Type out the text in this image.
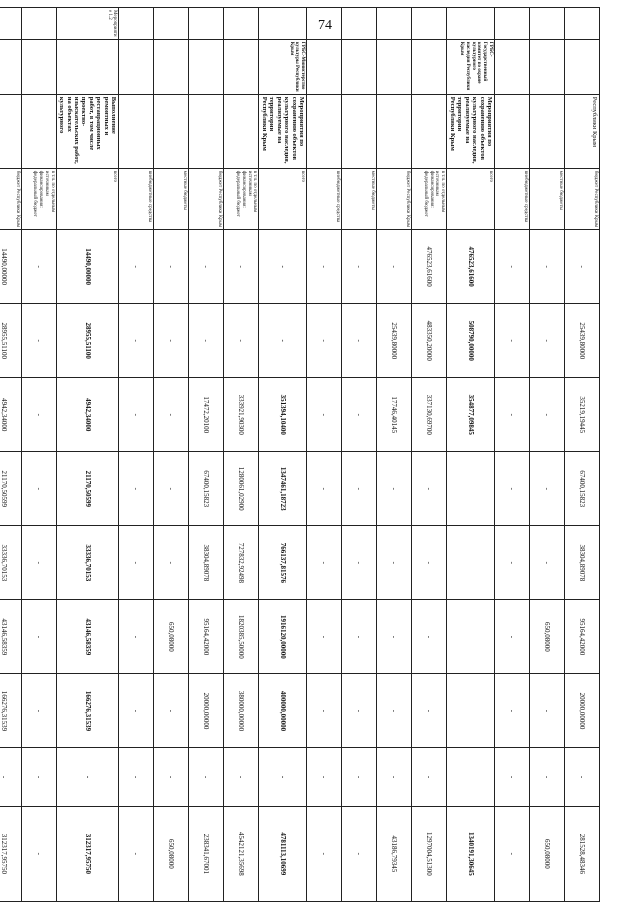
74
		Республики Крым	бюджет Республики Крым	-	25439,80000	35219,19445	67400,15823	38304,89078	95164,42000	20000,00000	-	281528,48346
			местные бюджеты	-	-	-	-	-	650,08000	-	-	650,08000
			внебюджетные средства	-	-	-	-	-	-	-	-	-
	ГРБС-Государственный комитет по охране культурного наследия Республики Крым	Мероприятия по сохранению объектов культурного наследия, реализуемые на территории Республики Крым	всего	476523,61600	508790,00000	354877,09845						1340191,30645
			в т.ч. по отдельным источникам финансирования: федеральный бюджет	476523,61600	483350,20000	337130,69700	-	-	-	-	-	1297004,51300
			бюджет Республики Крым	-	25439,80000	17746,40145	-	-	-	-	-	43186,79345
			местные бюджеты	-	-	-	-	-	-	-	-	-
			внебюджетные средства	-	-	-	-	-	-	-	-	-
	ГРБС-Министерство культуры Республики Крым	Мероприятия по сохранению объектов культурного наследия, реализуемые на территории Республики Крым	всего	-	-	351394,10400	1347461,18723	766137,81576	1916120,00000	400000,00000	-	4781113,10699
			в т.ч. по отдельным источникам финансирования: федеральный бюджет	-	-	333921,90300	1280061,02900	727832,92498	1820385,50000	380000,00000	-	4542121,35698
			бюджет Республики Крым	-	-	17472,20100	67400,15823	38304,89078	95164,42000	20000,00000	-	238341,67001
			местные бюджеты	-	-	-	-	-	650,08000	-	-	650,08000
			внебюджетные средства	-	-	-	-	-	-	-	-	-
Мероприятие 1.2		Выполнение ремонтных и реставрационных работ, в том числе проектно-изыскательских работ, на объектах культурного	всего	14490,00000	28955,51100	4942,34000	21170,50599	33336,70153	43146,58359	166276,31539	-	312317,95750
			в т.ч. по отдельным источникам финансирования: федеральный бюджет	-	-	-	-	-	-	-	-	-
			бюджет Республики Крым	14490,00000	28955,51100	4942,34000	21170,50599	33336,70153	43146,58359	166276,31539	-	312317,95750
